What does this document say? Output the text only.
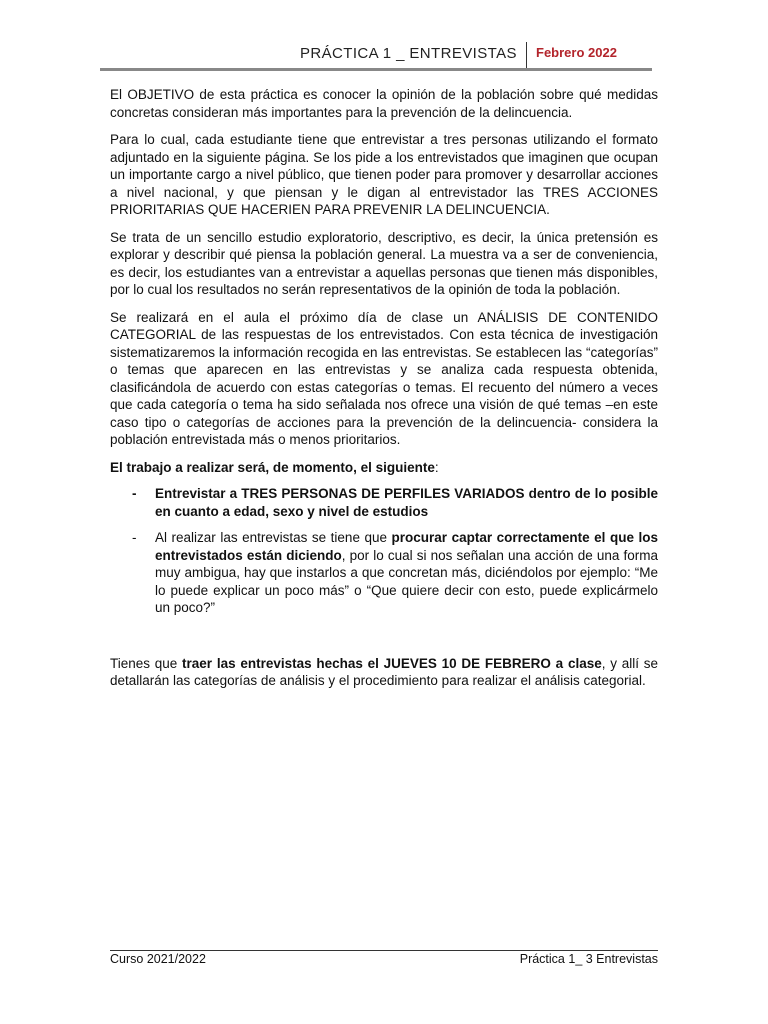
PRÁCTICA 1 _ ENTREVISTAS Febrero 2022

El OBJETIVO de esta práctica es conocer la opinión de la población sobre qué medidas concretas consideran más importantes para la prevención de la delincuencia.

Para lo cual, cada estudiante tiene que entrevistar a tres personas utilizando el formato adjuntado en la siguiente página. Se los pide a los entrevistados que imaginen que ocupan un importante cargo a nivel público, que tienen poder para promover y desarrollar acciones a nivel nacional, y que piensan y le digan al entrevistador las TRES ACCIONES PRIORITARIAS QUE HACERIEN PARA PREVENIR LA DELINCUENCIA.

Se trata de un sencillo estudio exploratorio, descriptivo, es decir, la única pretensión es explorar y describir qué piensa la población general. La muestra va a ser de conveniencia, es decir, los estudiantes van a entrevistar a aquellas personas que tienen más disponibles, por lo cual los resultados no serán representativos de la opinión de toda la población.

Se realizará en el aula el próximo día de clase un ANÁLISIS DE CONTENIDO CATEGORIAL de las respuestas de los entrevistados. Con esta técnica de investigación sistematizaremos la información recogida en las entrevistas. Se establecen las “categorías” o temas que aparecen en las entrevistas y se analiza cada respuesta obtenida, clasificándola de acuerdo con estas categorías o temas. El recuento del número a veces que cada categoría o tema ha sido señalada nos ofrece una visión de qué temas –en este caso tipo o categorías de acciones para la prevención de la delincuencia- considera la población entrevistada más o menos prioritarios.

El trabajo a realizar será, de momento, el siguiente:

- Entrevistar a TRES PERSONAS DE PERFILES VARIADOS dentro de lo posible en cuanto a edad, sexo y nivel de estudios
- Al realizar las entrevistas se tiene que procurar captar correctamente el que los entrevistados están diciendo, por lo cual si nos señalan una acción de una forma muy ambigua, hay que instarlos a que concretan más, diciéndolos por ejemplo: “Me lo puede explicar un poco más” o “Que quiere decir con esto, puede explicármelo un poco?”

Tienes que traer las entrevistas hechas el JUEVES 10 DE FEBRERO a clase, y allí se detallarán las categorías de análisis y el procedimiento para realizar el análisis categorial.

Curso 2021/2022	Práctica 1_ 3 Entrevistas
